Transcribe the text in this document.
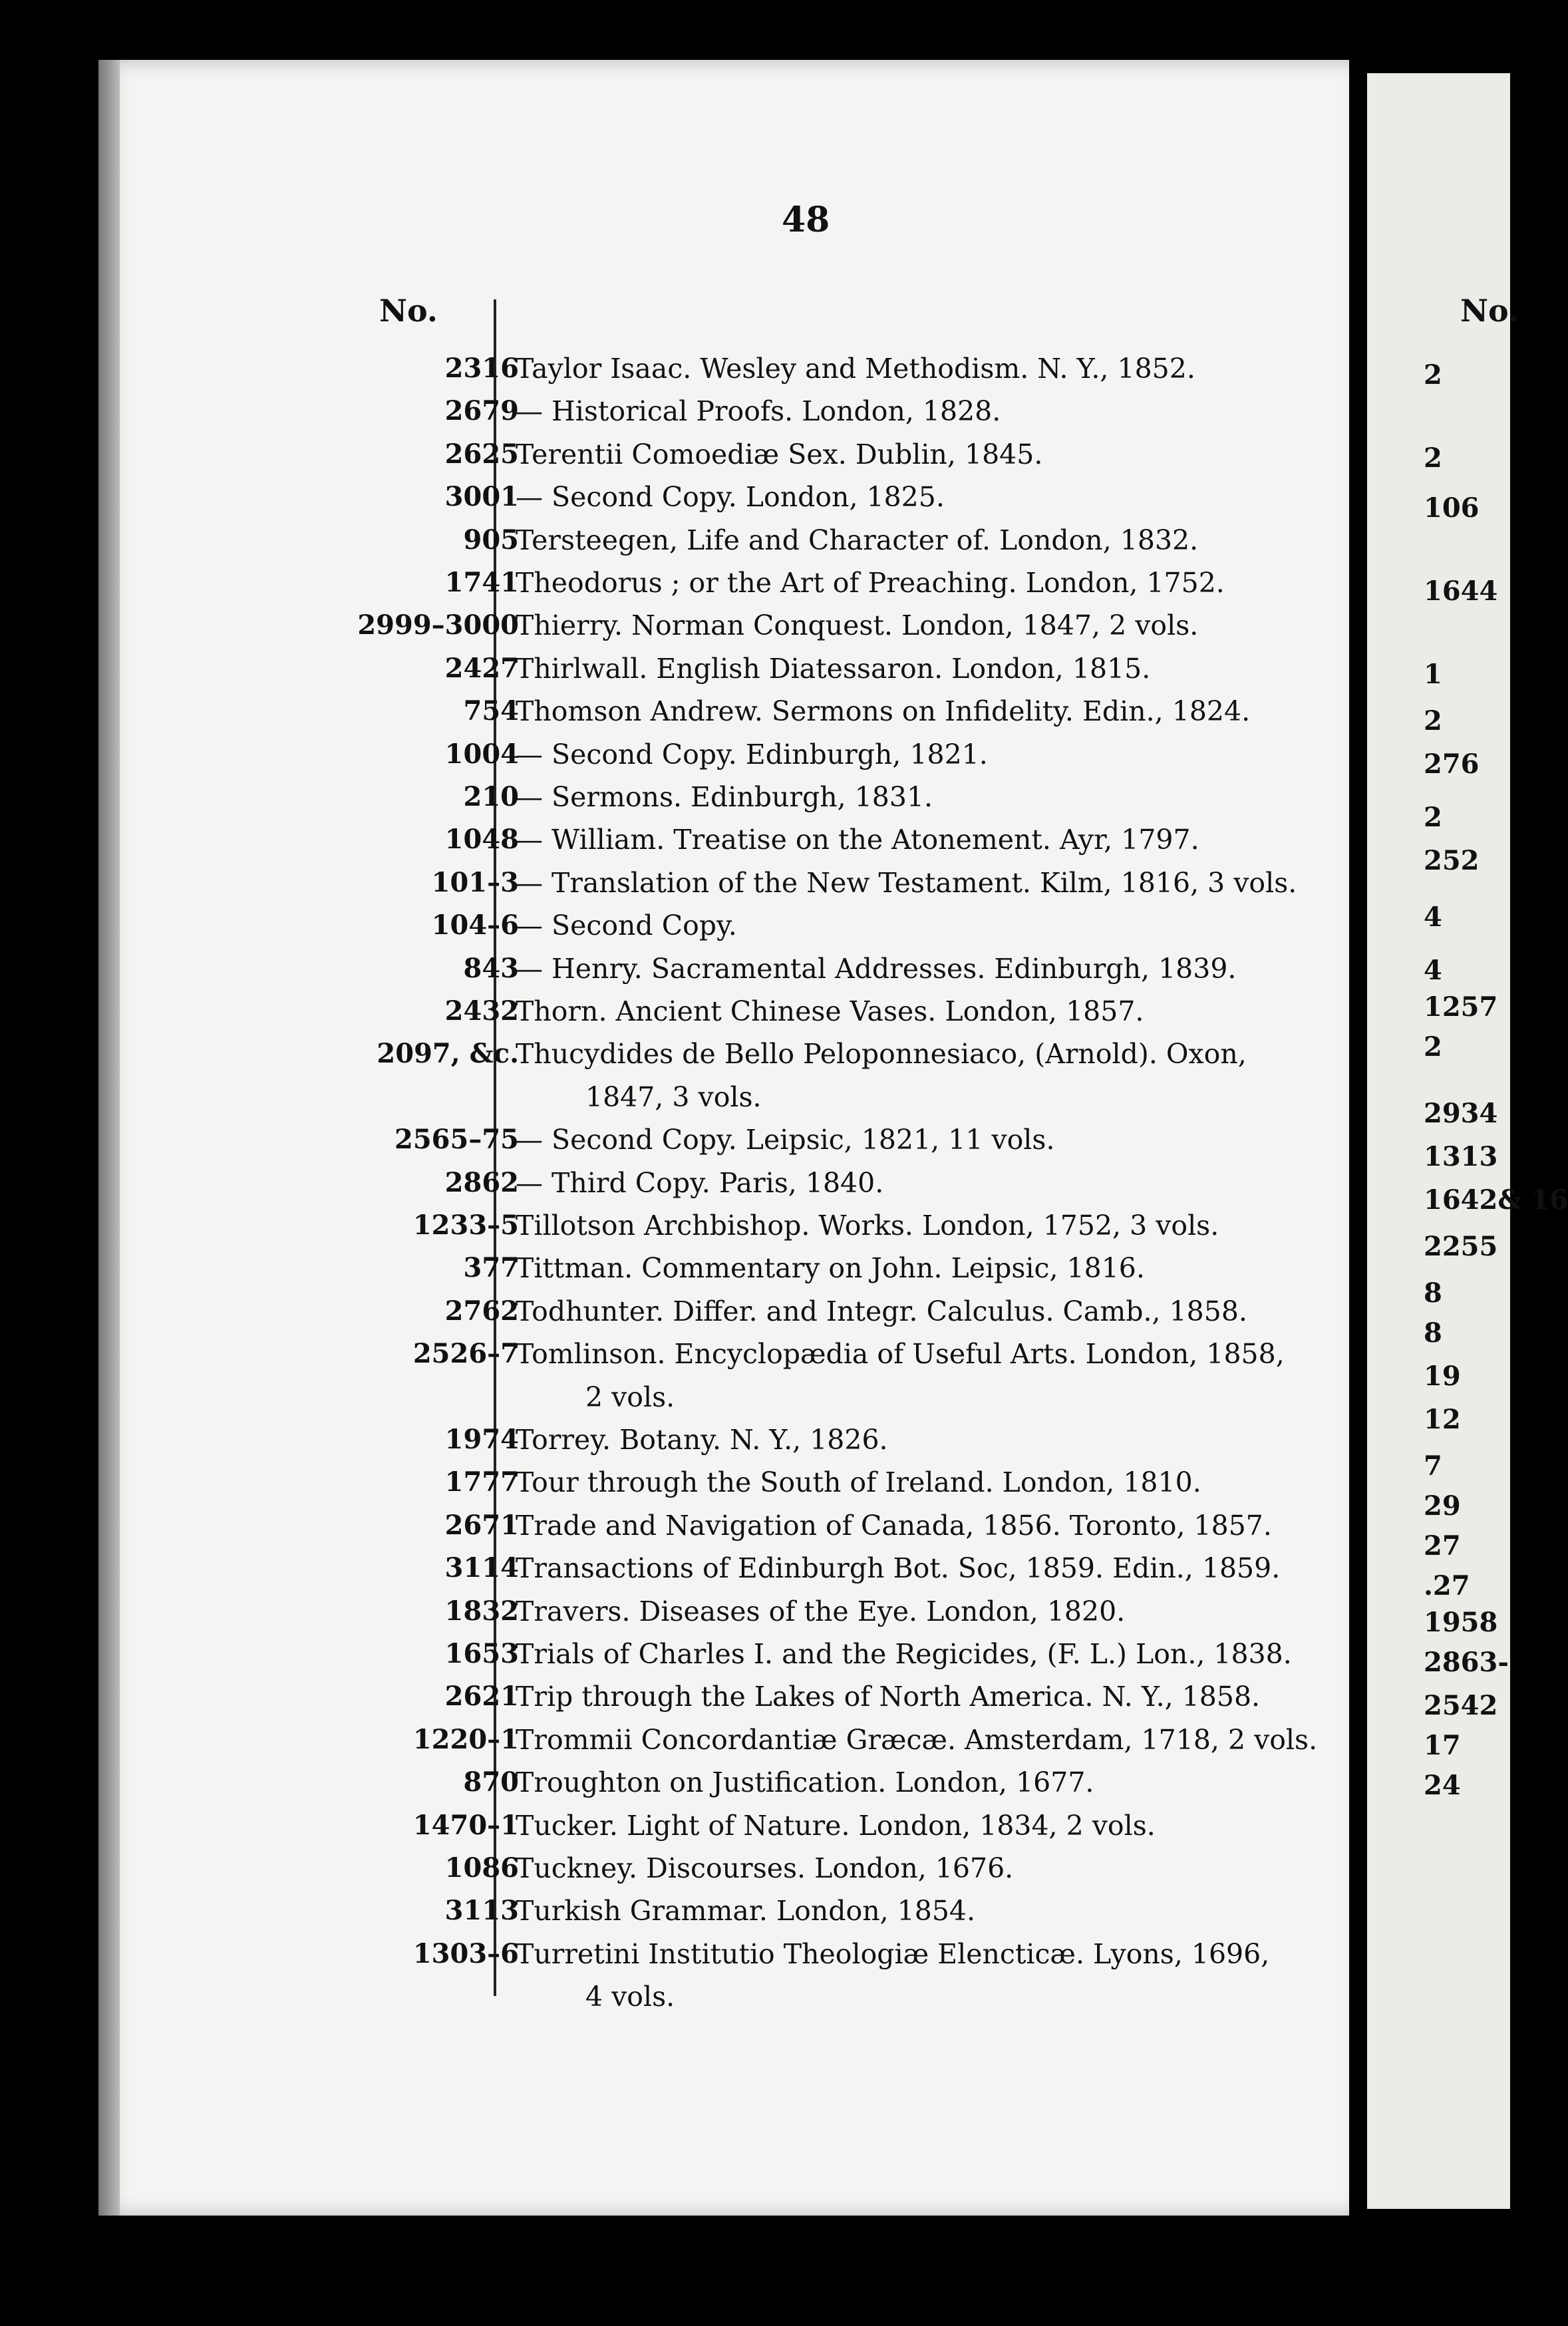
48
No.
2316
Taylor Isaac. Wesley and Methodism. N. Y., 1852.
2679
— Historical Proofs. London, 1828.
2625
Terentii Comoediæ Sex. Dublin, 1845.
3001
— Second Copy. London, 1825.
905
Tersteegen, Life and Character of. London, 1832.
1741
Theodorus ; or the Art of Preaching. London, 1752.
2999–3000
Thierry. Norman Conquest. London, 1847, 2 vols.
2427
Thirlwall. English Diatessaron. London, 1815.
754
Thomson Andrew. Sermons on Infidelity. Edin., 1824.
1004
— Second Copy. Edinburgh, 1821.
210
— Sermons. Edinburgh, 1831.
1048
— William. Treatise on the Atonement. Ayr, 1797.
101–3
— Translation of the New Testament. Kilm, 1816, 3 vols.
104–6
— Second Copy.
843
— Henry. Sacramental Addresses. Edinburgh, 1839.
2432
Thorn. Ancient Chinese Vases. London, 1857.
2097, &c.
Thucydides de Bello Peloponnesiaco, (Arnold). Oxon,
1847, 3 vols.
2565–75
— Second Copy. Leipsic, 1821, 11 vols.
2862
— Third Copy. Paris, 1840.
1233–5
Tillotson Archbishop. Works. London, 1752, 3 vols.
377
Tittman. Commentary on John. Leipsic, 1816.
2762
Todhunter. Differ. and Integr. Calculus. Camb., 1858.
2526–7
Tomlinson. Encyclopædia of Useful Arts. London, 1858,
2 vols.
1974
Torrey. Botany. N. Y., 1826.
1777
Tour through the South of Ireland. London, 1810.
2671
Trade and Navigation of Canada, 1856. Toronto, 1857.
3114
Transactions of Edinburgh Bot. Soc, 1859. Edin., 1859.
1832
Travers. Diseases of the Eye. London, 1820.
1653
Trials of Charles I. and the Regicides, (F. L.) Lon., 1838.
2621
Trip through the Lakes of North America. N. Y., 1858.
1220–1
Trommii Concordantiæ Græcæ. Amsterdam, 1718, 2 vols.
870
Troughton on Justification. London, 1677.
1470–1
Tucker. Light of Nature. London, 1834, 2 vols.
1086
Tuckney. Discourses. London, 1676.
3113
Turkish Grammar. London, 1854.
1303–6
Turretini Institutio Theologiæ Elencticæ. Lyons, 1696,
4 vols.
No.
2
2
106
1644
1
2
276
2
252
4
4
1257
2
2934
1313
1642& 16
2255
8
8
19
12
7
29
27
.27
1958
2863-
2542
17
24
